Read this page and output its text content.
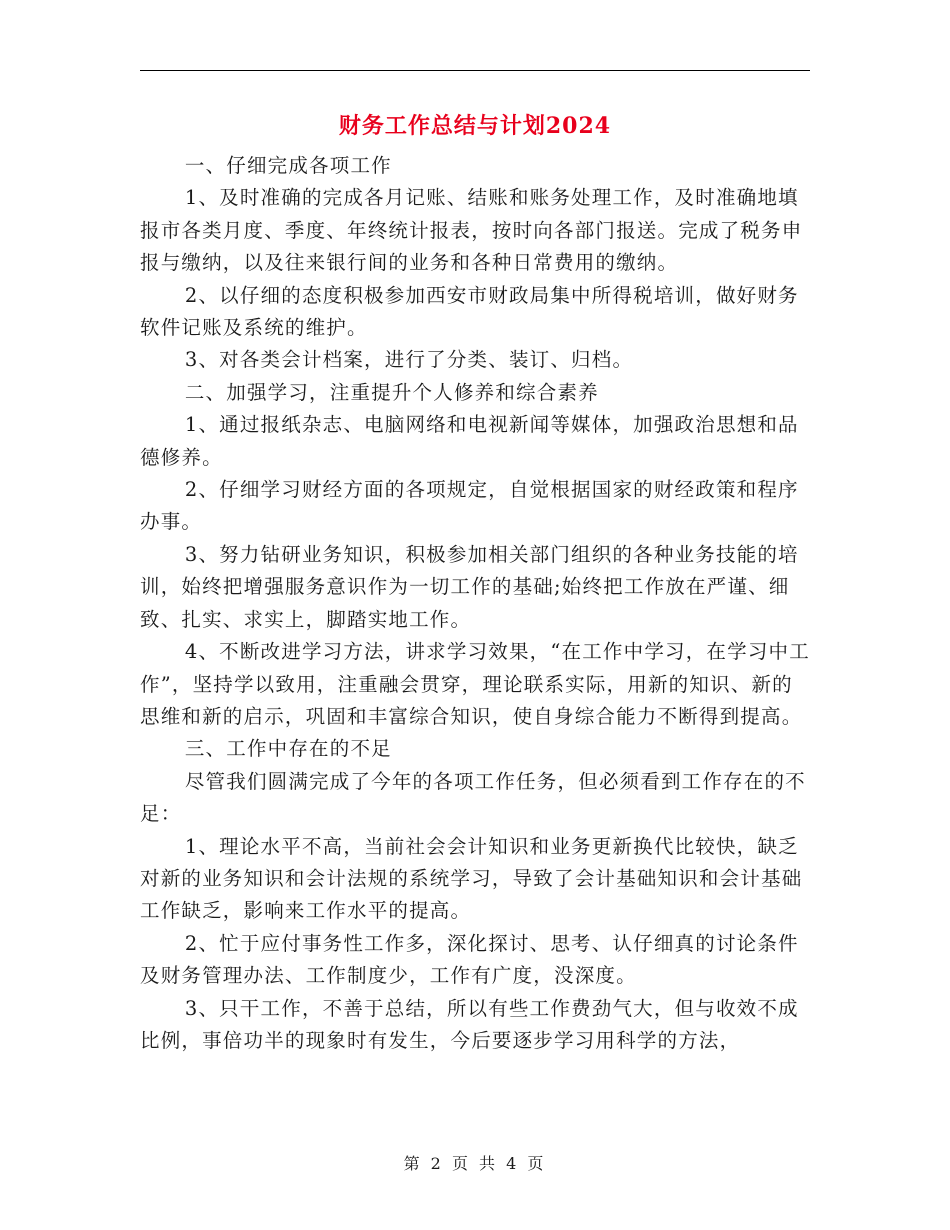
财务工作总结与计划2024

一、仔细完成各项工作

1、及时准确的完成各月记账、结账和账务处理工作，及时准确地填报市各类月度、季度、年终统计报表，按时向各部门报送。完成了税务申报与缴纳，以及往来银行间的业务和各种日常费用的缴纳。

2、以仔细的态度积极参加西安市财政局集中所得税培训，做好财务软件记账及系统的维护。

3、对各类会计档案，进行了分类、装订、归档。

二、加强学习，注重提升个人修养和综合素养

1、通过报纸杂志、电脑网络和电视新闻等媒体，加强政治思想和品德修养。

2、仔细学习财经方面的各项规定，自觉根据国家的财经政策和程序办事。

3、努力钻研业务知识，积极参加相关部门组织的各种业务技能的培训，始终把增强服务意识作为一切工作的基础;始终把工作放在严谨、细致、扎实、求实上，脚踏实地工作。

4、不断改进学习方法，讲求学习效果，“在工作中学习，在学习中工作”，坚持学以致用，注重融会贯穿，理论联系实际，用新的知识、新的思维和新的启示，巩固和丰富综合知识，使自身综合能力不断得到提高。

三、工作中存在的不足

尽管我们圆满完成了今年的各项工作任务，但必须看到工作存在的不足：

1、理论水平不高，当前社会会计知识和业务更新换代比较快，缺乏对新的业务知识和会计法规的系统学习，导致了会计基础知识和会计基础工作缺乏，影响来工作水平的提高。

2、忙于应付事务性工作多，深化探讨、思考、认仔细真的讨论条件及财务管理办法、工作制度少，工作有广度，没深度。

3、只干工作，不善于总结，所以有些工作费劲气大，但与收效不成比例，事倍功半的现象时有发生，今后要逐步学习用科学的方法，

第 2 页 共 4 页
